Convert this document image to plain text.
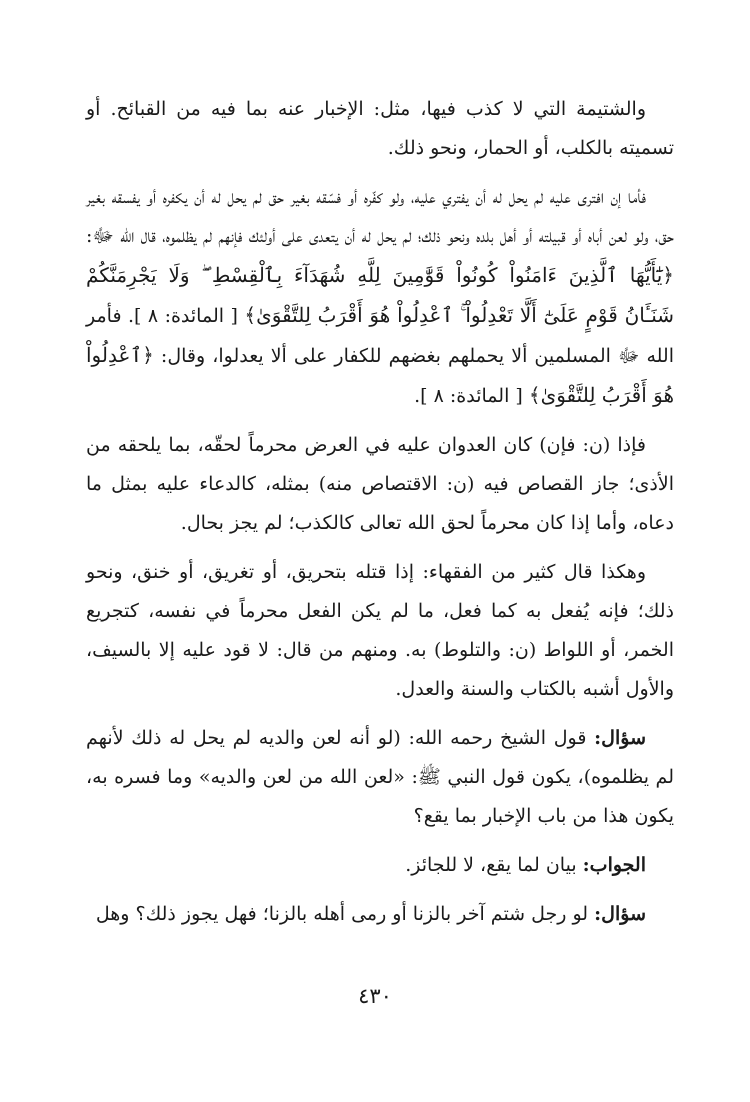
والشتيمة التي لا كذب فيها، مثل: الإخبار عنه بما فيه من القبائح. أو تسميته بالكلب، أو الحمار، ونحو ذلك.

فأما إن افترى عليه لم يحل له أن يفتري عليه، ولو كفّره أو فسّقه بغير حق لم يحل له أن يكفره أو يفسقه بغير حق، ولو لعن أباه أو قبيلته أو أهل بلده ونحو ذلك؛ لم يحل له أن يتعدى على أولئك فإنهم لم يظلموه، قال الله ﷻ: ﴿يَٰٓأَيُّهَا ٱلَّذِينَ ءَامَنُواْ كُونُواْ قَوَّٰمِينَ لِلَّهِ شُهَدَآءَ بِٱلْقِسْطِ ۖ وَلَا يَجْرِمَنَّكُمْ شَنَـَٔانُ قَوْمٍ عَلَىٰٓ أَلَّا تَعْدِلُواْ ۚ ٱعْدِلُواْ هُوَ أَقْرَبُ لِلتَّقْوَىٰ﴾ [ المائدة: ٨ ]. فأمر الله ﷻ المسلمين ألا يحملهم بغضهم للكفار على ألا يعدلوا، وقال: ﴿ٱعْدِلُواْ هُوَ أَقْرَبُ لِلتَّقْوَىٰ﴾ [ المائدة: ٨ ].

فإذا (ن: فإن) كان العدوان عليه في العرض محرماً لحقّه، بما يلحقه من الأذى؛ جاز القصاص فيه (ن: الاقتصاص منه) بمثله، كالدعاء عليه بمثل ما دعاه، وأما إذا كان محرماً لحق الله تعالى كالكذب؛ لم يجز بحال.

وهكذا قال كثير من الفقهاء: إذا قتله بتحريق، أو تغريق، أو خنق، ونحو ذلك؛ فإنه يُفعل به كما فعل، ما لم يكن الفعل محرماً في نفسه، كتجريع الخمر، أو اللواط (ن: والتلوط) به. ومنهم من قال: لا قود عليه إلا بالسيف، والأول أشبه بالكتاب والسنة والعدل.

سؤال: قول الشيخ رحمه الله: (لو أنه لعن والديه لم يحل له ذلك لأنهم لم يظلموه)، يكون قول النبي ﷺ: «لعن الله من لعن والديه» وما فسره به، يكون هذا من باب الإخبار بما يقع؟

الجواب: بيان لما يقع، لا للجائز.

سؤال: لو رجل شتم آخر بالزنا أو رمى أهله بالزنا؛ فهل يجوز ذلك؟ وهل

٤٣٠
